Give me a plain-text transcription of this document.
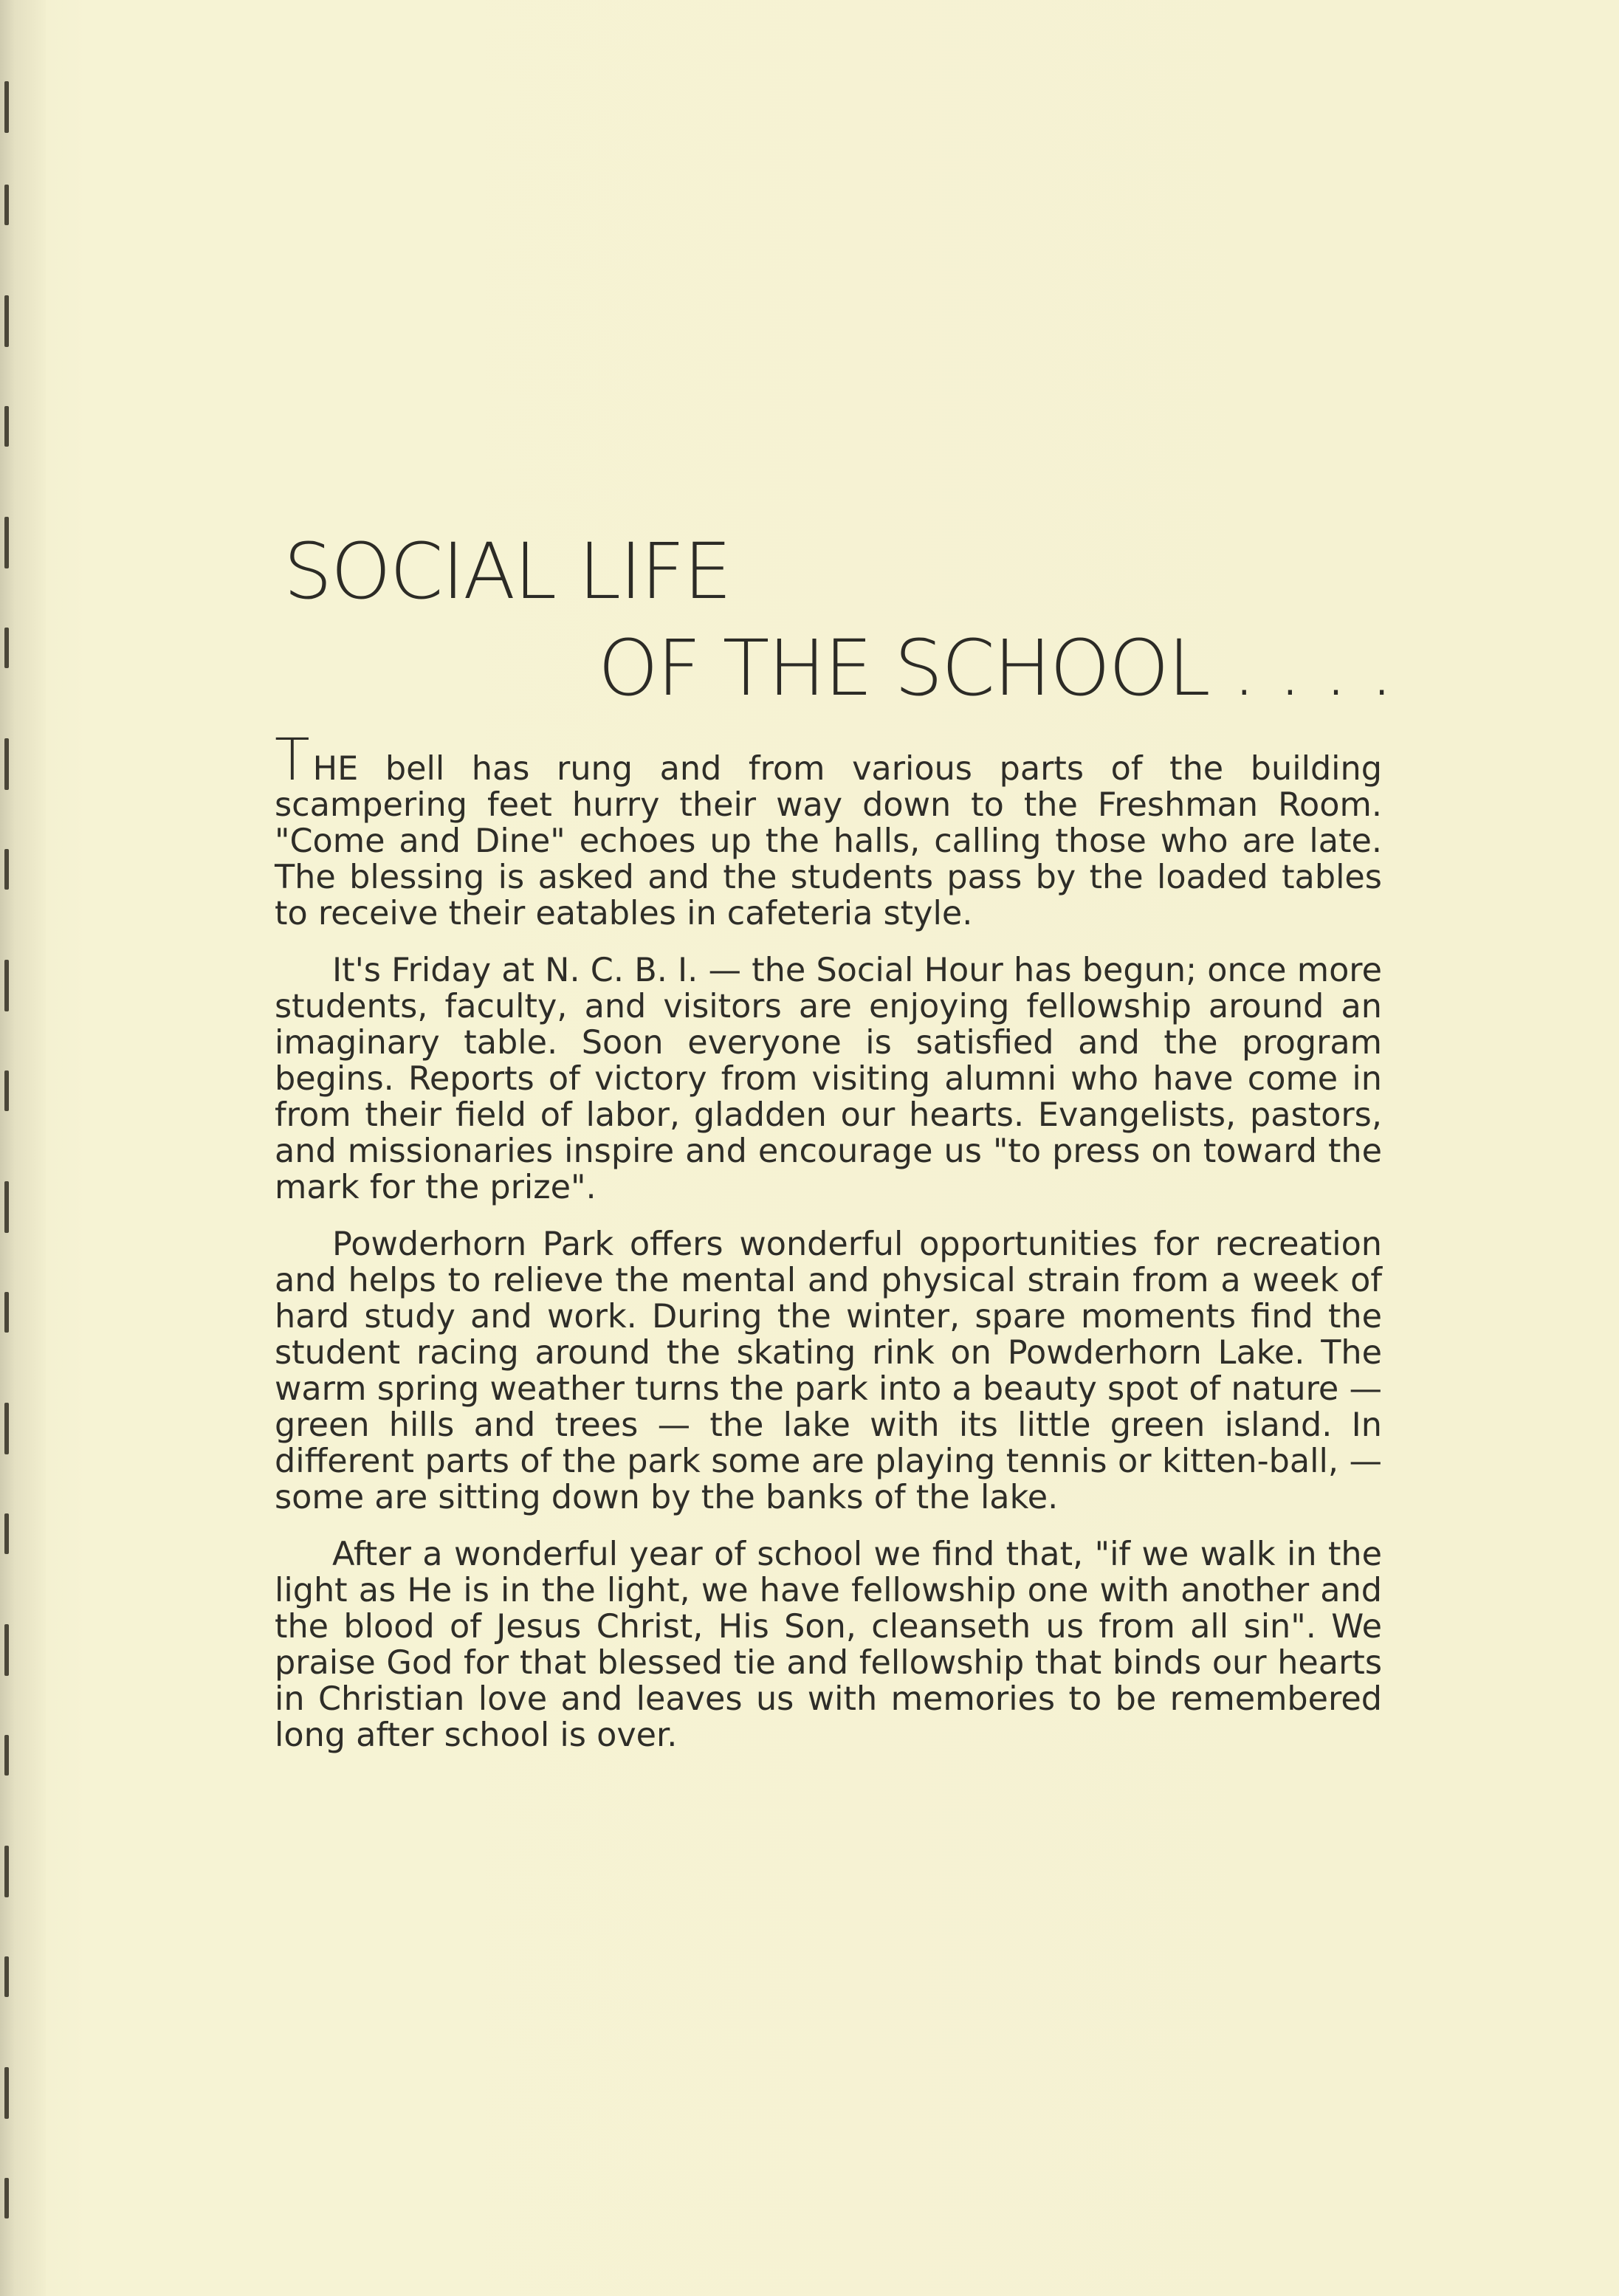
SOCIAL LIFE
OF THE SCHOOL . . . .

THE bell has rung and from various parts of the building scampering feet hurry their way down to the Freshman Room. "Come and Dine" echoes up the halls, calling those who are late. The blessing is asked and the students pass by the loaded tables to receive their eatables in cafeteria style.

It's Friday at N. C. B. I. — the Social Hour has begun; once more students, faculty, and visitors are enjoying fellowship around an imaginary table. Soon everyone is satisfied and the program begins. Reports of victory from visiting alumni who have come in from their field of labor, gladden our hearts. Evangelists, pastors, and missionaries inspire and encourage us "to press on toward the mark for the prize".

Powderhorn Park offers wonderful opportunities for recreation and helps to relieve the mental and physical strain from a week of hard study and work. During the winter, spare moments find the student racing around the skating rink on Powderhorn Lake. The warm spring weather turns the park into a beauty spot of nature — green hills and trees — the lake with its little green island. In different parts of the park some are playing tennis or kitten-ball, — some are sitting down by the banks of the lake.

After a wonderful year of school we find that, "if we walk in the light as He is in the light, we have fellowship one with another and the blood of Jesus Christ, His Son, cleanseth us from all sin". We praise God for that blessed tie and fellowship that binds our hearts in Christian love and leaves us with memories to be remembered long after school is over.
